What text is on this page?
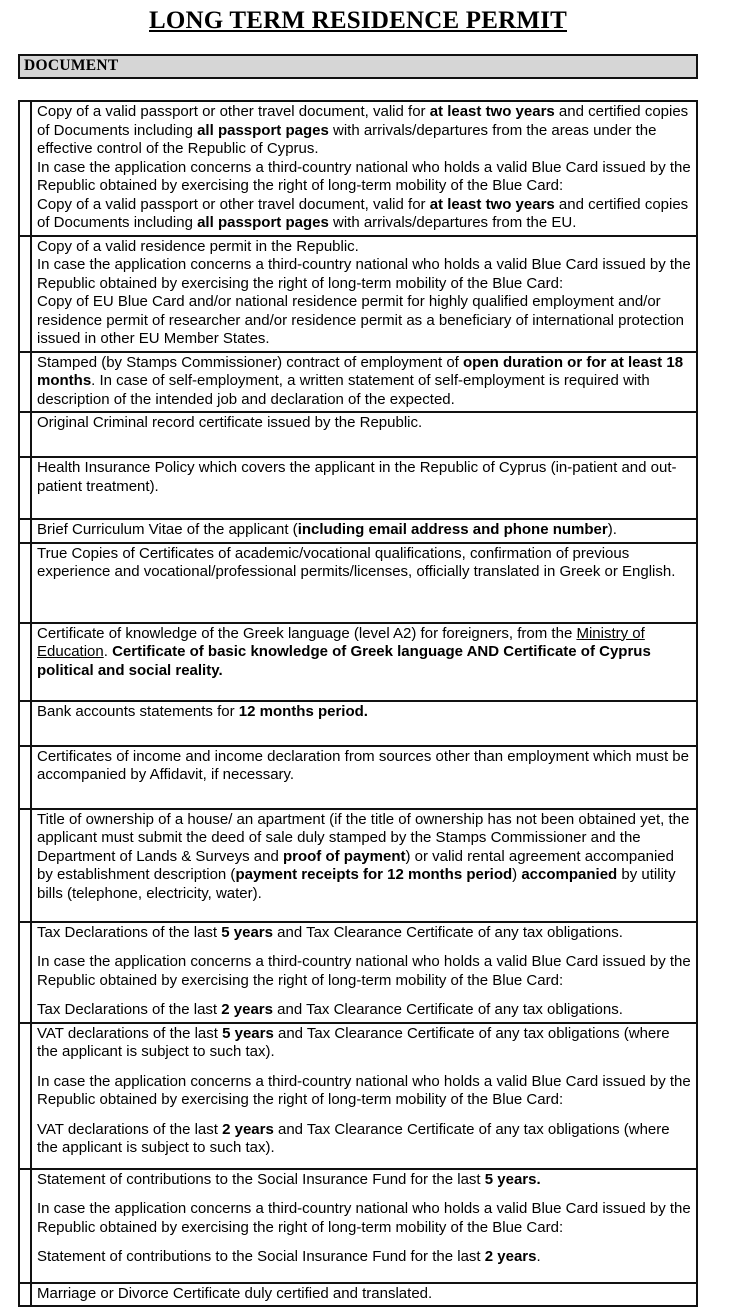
LONG TERM RESIDENCE PERMIT
DOCUMENT

	Copy of a valid passport or other travel document, valid for at least two years and certified copies of Documents including all passport pages with arrivals/departures from the areas under the effective control of the Republic of Cyprus.
In case the application concerns a third-country national who holds a valid Blue Card issued by the Republic obtained by exercising the right of long-term mobility of the Blue Card:
Copy of a valid passport or other travel document, valid for at least two years and certified copies of Documents including all passport pages with arrivals/departures from the EU.

	Copy of a valid residence permit in the Republic.
In case the application concerns a third-country national who holds a valid Blue Card issued by the Republic obtained by exercising the right of long-term mobility of the Blue Card:
Copy of EU Blue Card and/or national residence permit for highly qualified employment and/or residence permit of researcher and/or residence permit as a beneficiary of international protection issued in other EU Member States.

	Stamped (by Stamps Commissioner) contract of employment of open duration or for at least 18 months. In case of self-employment, a written statement of self-employment is required with description of the intended job and declaration of the expected.

	Original Criminal record certificate issued by the Republic.

	Health Insurance Policy which covers the applicant in the Republic of Cyprus (in-patient and out-patient treatment).

	Brief Curriculum Vitae of the applicant (including email address and phone number).

	True Copies of Certificates of academic/vocational qualifications, confirmation of previous experience and vocational/professional permits/licenses, officially translated in Greek or English.

	Certificate of knowledge of the Greek language (level A2) for foreigners, from the Ministry of Education. Certificate of basic knowledge of Greek language AND Certificate of Cyprus political and social reality.

	Bank accounts statements for 12 months period.

	Certificates of income and income declaration from sources other than employment which must be accompanied by Affidavit, if necessary.

	Title of ownership of a house/ an apartment (if the title of ownership has not been obtained yet, the applicant must submit the deed of sale duly stamped by the Stamps Commissioner and the Department of Lands & Surveys and proof of payment) or valid rental agreement accompanied by establishment description (payment receipts for 12 months period) accompanied by utility bills (telephone, electricity, water).

	Tax Declarations of the last 5 years and Tax Clearance Certificate of any tax obligations.
In case the application concerns a third-country national who holds a valid Blue Card issued by the Republic obtained by exercising the right of long-term mobility of the Blue Card:
Tax Declarations of the last 2 years and Tax Clearance Certificate of any tax obligations.

	VAT declarations of the last 5 years and Tax Clearance Certificate of any tax obligations (where the applicant is subject to such tax).
In case the application concerns a third-country national who holds a valid Blue Card issued by the Republic obtained by exercising the right of long-term mobility of the Blue Card:
VAT declarations of the last 2 years and Tax Clearance Certificate of any tax obligations (where the applicant is subject to such tax).

	Statement of contributions to the Social Insurance Fund for the last 5 years.
In case the application concerns a third-country national who holds a valid Blue Card issued by the Republic obtained by exercising the right of long-term mobility of the Blue Card:
Statement of contributions to the Social Insurance Fund for the last 2 years.

	Marriage or Divorce Certificate duly certified and translated.
